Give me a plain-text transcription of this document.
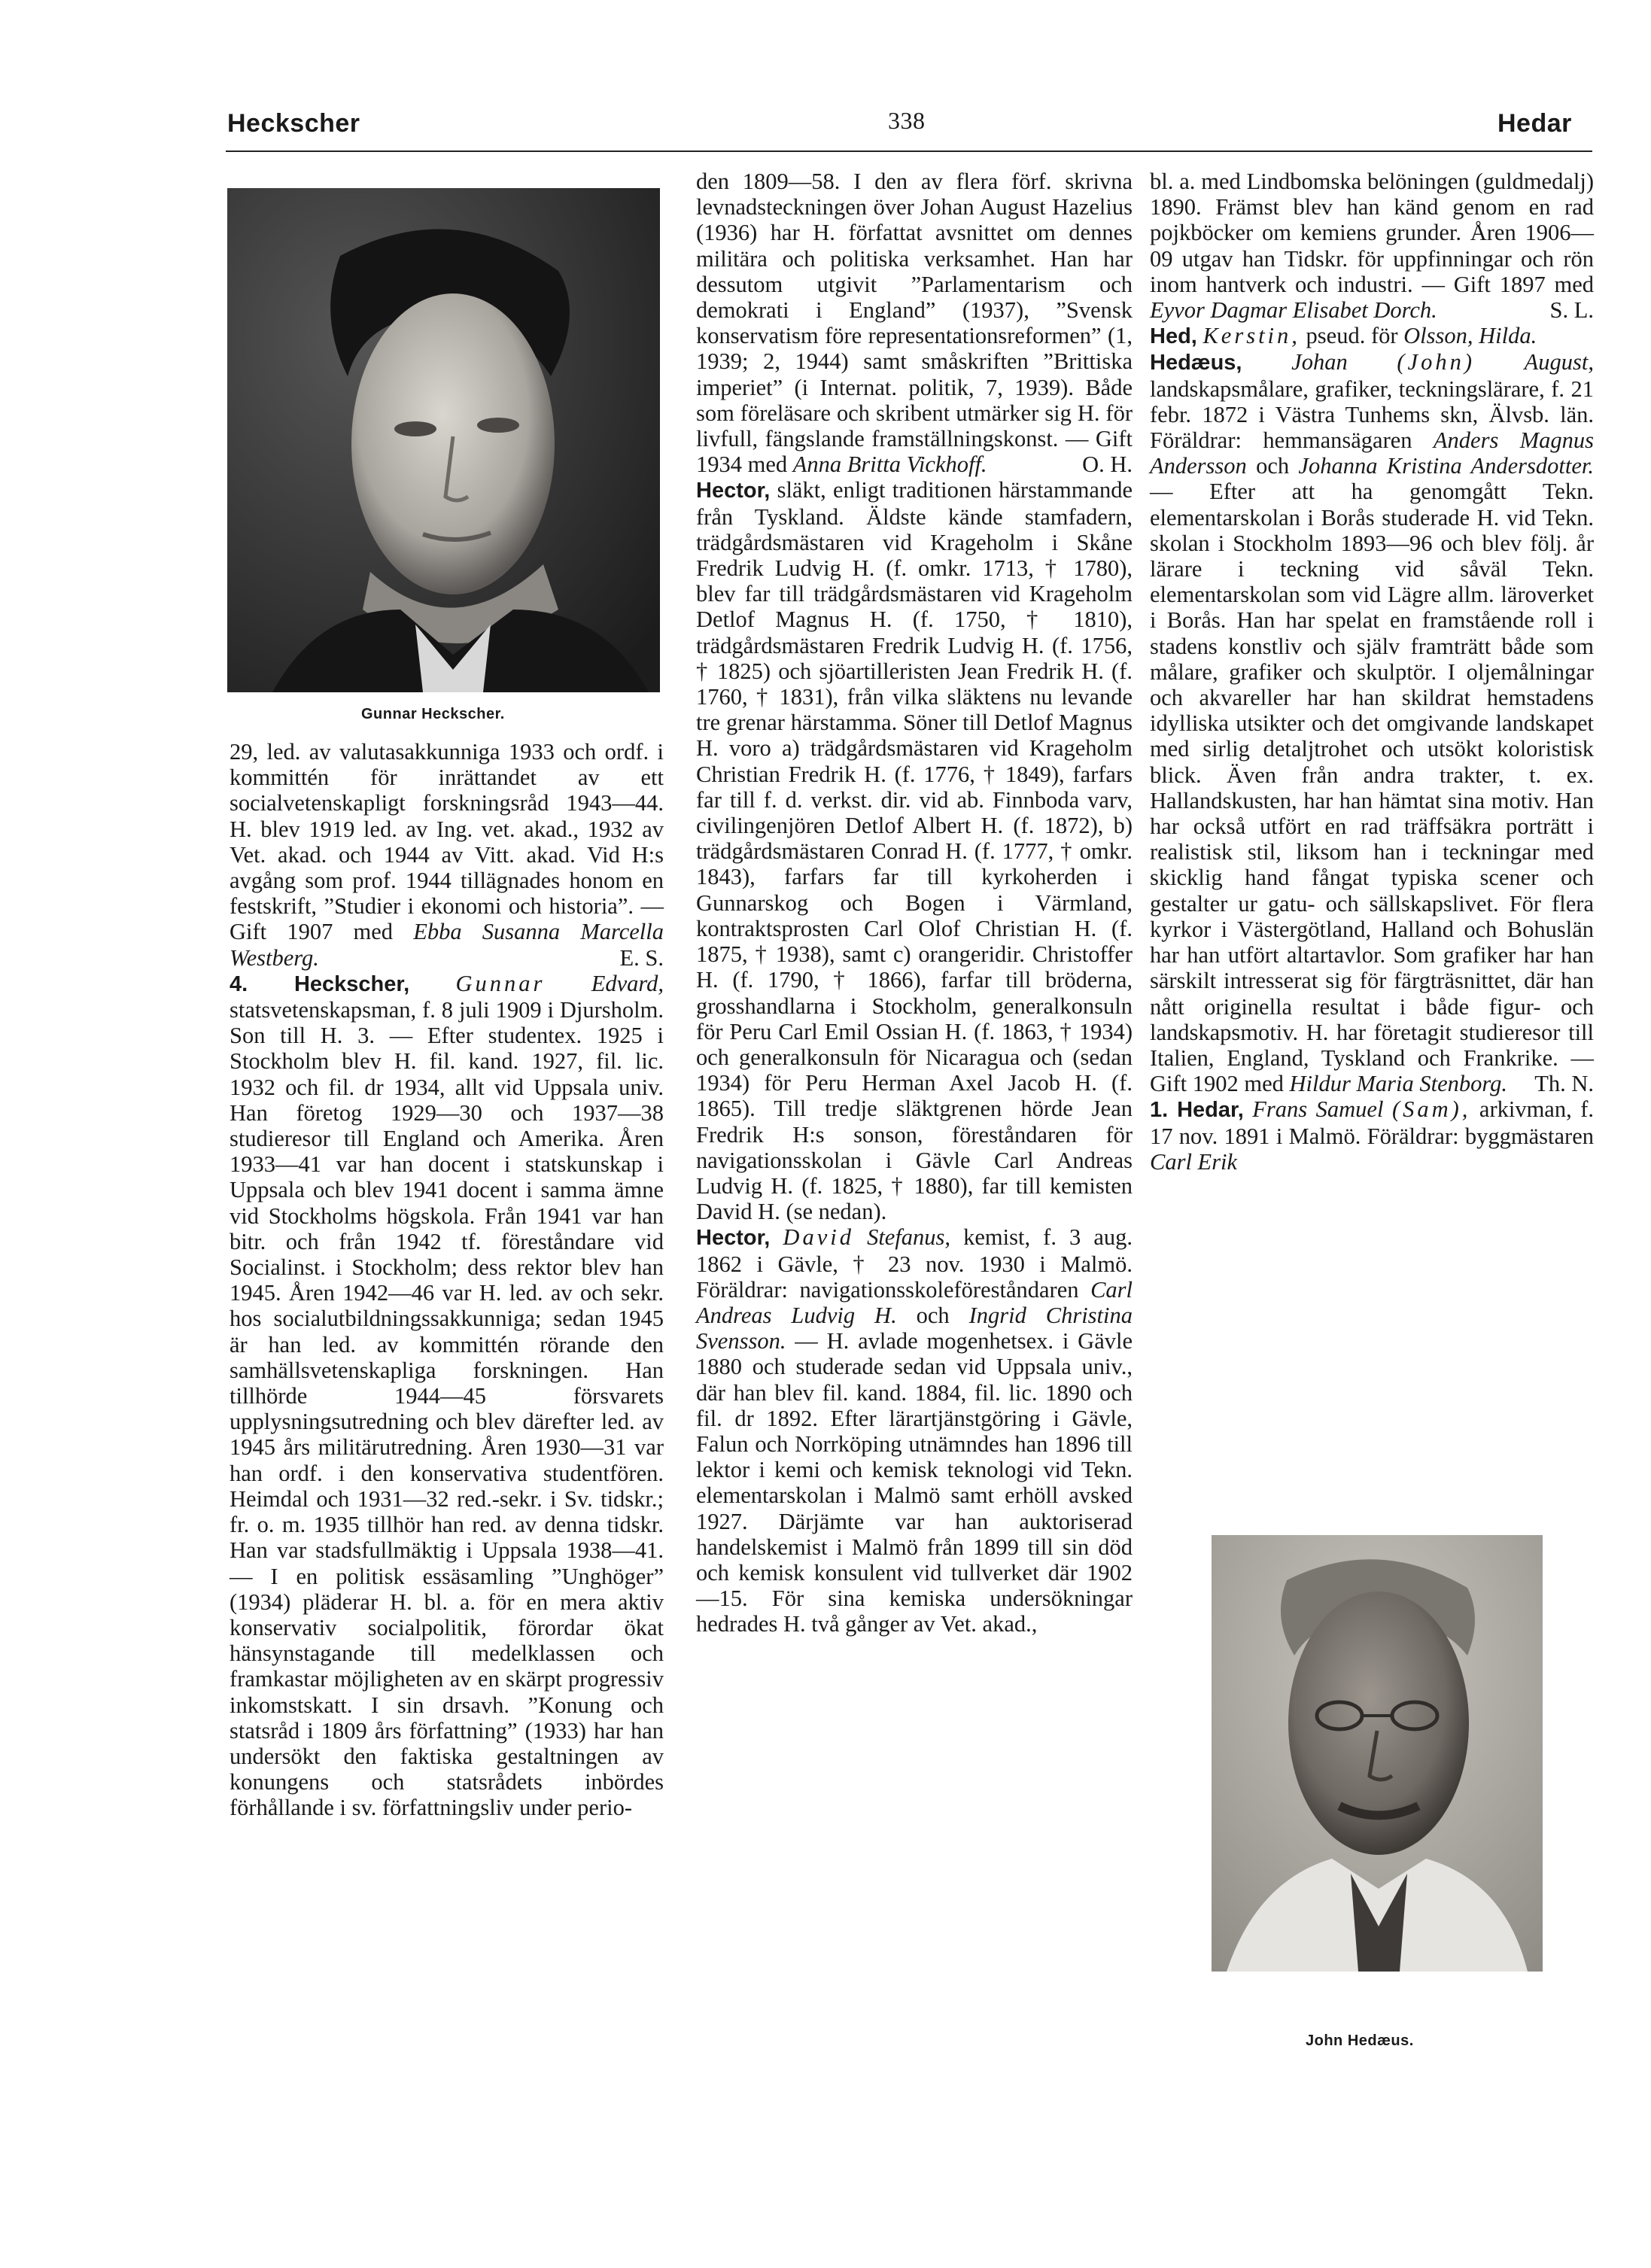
Heckscher	338	Hedar
Gunnar Heckscher.

29, led. av valutasakkunniga 1933 och ordf. i kommittén för inrättandet av ett socialvetenskapligt forskningsråd 1943—44. H. blev 1919 led. av Ing. vet. akad., 1932 av Vet. akad. och 1944 av Vitt. akad. Vid H:s avgång som prof. 1944 tillägnades honom en festskrift, ”Studier i ekonomi och historia”. — Gift 1907 med Ebba Susanna Marcella Westberg.	E. S.

4. Heckscher, Gunnar Edvard, statsvetenskapsman, f. 8 juli 1909 i Djursholm. Son till H. 3. — Efter studentex. 1925 i Stockholm blev H. fil. kand. 1927, fil. lic. 1932 och fil. dr 1934, allt vid Uppsala univ. Han företog 1929—30 och 1937—38 studieresor till England och Amerika. Åren 1933—41 var han docent i statskunskap i Uppsala och blev 1941 docent i samma ämne vid Stockholms högskola. Från 1941 var han bitr. och från 1942 tf. föreståndare vid Socialinst. i Stockholm; dess rektor blev han 1945. Åren 1942—46 var H. led. av och sekr. hos socialutbildningssakkunniga; sedan 1945 är han led. av kommittén rörande den samhällsvetenskapliga forskningen. Han tillhörde 1944—45 försvarets upplysningsutredning och blev därefter led. av 1945 års militärutredning. Åren 1930—31 var han ordf. i den konservativa studentfören. Heimdal och 1931—32 red.-sekr. i Sv. tidskr.; fr. o. m. 1935 tillhör han red. av denna tidskr. Han var stadsfullmäktig i Uppsala 1938—41. — I en politisk essäsamling ”Unghöger” (1934) pläderar H. bl. a. för en mera aktiv konservativ socialpolitik, förordar ökat hänsynstagande till medelklassen och framkastar möjligheten av en skärpt progressiv inkomstskatt. I sin drsavh. ”Konung och statsråd i 1809 års författning” (1933) har han undersökt den faktiska gestaltningen av konungens och statsrådets inbördes förhållande i sv. författningsliv under perio-

den 1809—58. I den av flera förf. skrivna levnadsteckningen över Johan August Hazelius (1936) har H. författat avsnittet om dennes militära och politiska verksamhet. Han har dessutom utgivit ”Parlamentarism och demokrati i England” (1937), ”Svensk konservatism före representationsreformen” (1, 1939; 2, 1944) samt småskriften ”Brittiska imperiet” (i Internat. politik, 7, 1939). Både som föreläsare och skribent utmärker sig H. för livfull, fängslande framställningskonst. — Gift 1934 med Anna Britta Vickhoff.	O. H.

Hector, släkt, enligt traditionen härstammande från Tyskland. Äldste kände stamfadern, trädgårdsmästaren vid Krageholm i Skåne Fredrik Ludvig H. (f. omkr. 1713, † 1780), blev far till trädgårdsmästaren vid Krageholm Detlof Magnus H. (f. 1750, † 1810), trädgårdsmästaren Fredrik Ludvig H. (f. 1756, † 1825) och sjöartilleristen Jean Fredrik H. (f. 1760, † 1831), från vilka släktens nu levande tre grenar härstamma. Söner till Detlof Magnus H. voro a) trädgårdsmästaren vid Krageholm Christian Fredrik H. (f. 1776, † 1849), farfars far till f. d. verkst. dir. vid ab. Finnboda varv, civilingenjören Detlof Albert H. (f. 1872), b) trädgårdsmästaren Conrad H. (f. 1777, † omkr. 1843), farfars far till kyrkoherden i Gunnarskog och Bogen i Värmland, kontraktsprosten Carl Olof Christian H. (f. 1875, † 1938), samt c) orangeridir. Christoffer H. (f. 1790, † 1866), farfar till bröderna, grosshandlarna i Stockholm, generalkonsuln för Peru Carl Emil Ossian H. (f. 1863, † 1934) och generalkonsuln för Nicaragua och (sedan 1934) för Peru Herman Axel Jacob H. (f. 1865). Till tredje släktgrenen hörde Jean Fredrik H:s sonson, föreståndaren för navigationsskolan i Gävle Carl Andreas Ludvig H. (f. 1825, † 1880), far till kemisten David H. (se nedan).

Hector, David Stefanus, kemist, f. 3 aug. 1862 i Gävle, † 23 nov. 1930 i Malmö. Föräldrar: navigationsskoleföreståndaren Carl Andreas Ludvig H. och Ingrid Christina Svensson. — H. avlade mogenhetsex. i Gävle 1880 och studerade sedan vid Uppsala univ., där han blev fil. kand. 1884, fil. lic. 1890 och fil. dr 1892. Efter lärartjänstgöring i Gävle, Falun och Norrköping utnämndes han 1896 till lektor i kemi och kemisk teknologi vid Tekn. elementarskolan i Malmö samt erhöll avsked 1927. Därjämte var han auktoriserad handelskemist i Malmö från 1899 till sin död och kemisk konsulent vid tullverket där 1902—15. För sina kemiska undersökningar hedrades H. två gånger av Vet. akad.,

bl. a. med Lindbomska belöningen (guldmedalj) 1890. Främst blev han känd genom en rad pojkböcker om kemiens grunder. Åren 1906—09 utgav han Tidskr. för uppfinningar och rön inom hantverk och industri. — Gift 1897 med Eyvor Dagmar Elisabet Dorch.	S. L.

Hed, Kerstin, pseud. för Olsson, Hilda.

Hedæus, Johan (John) August, landskapsmålare, grafiker, teckningslärare, f. 21 febr. 1872 i Västra Tunhems skn, Älvsb. län. Föräldrar: hemmansägaren Anders Magnus Andersson och Johanna Kristina Andersdotter. — Efter att ha genomgått Tekn. elementarskolan i Borås studerade H. vid Tekn. skolan i Stockholm 1893—96 och blev följ. år lärare i teckning vid såväl Tekn. elementarskolan som vid Lägre allm. läroverket i Borås. Han har spelat en framstående roll i stadens konstliv och själv framträtt både som målare, grafiker och skulptör. I oljemålningar och akvareller har han skildrat hemstadens idylliska utsikter och det omgivande landskapet med sirlig detaljtrohet och utsökt koloristisk blick. Även från andra trakter, t. ex. Hallandskusten, har han hämtat sina motiv. Han har också utfört en rad träffsäkra porträtt i realistisk stil, liksom han i teckningar med skicklig hand fångat typiska scener och gestalter ur gatu- och sällskapslivet. För flera kyrkor i Västergötland, Halland och Bohuslän har han utfört altartavlor. Som grafiker har han särskilt intresserat sig för färgträsnittet, där han nått originella resultat i både figur- och landskapsmotiv. H. har företagit studieresor till Italien, England, Tyskland och Frankrike. — Gift 1902 med Hildur Maria Stenborg. Th. N.

1. Hedar, Frans Samuel (Sam), arkivman, f. 17 nov. 1891 i Malmö. Föräldrar: byggmästaren Carl Erik

John Hedæus.
